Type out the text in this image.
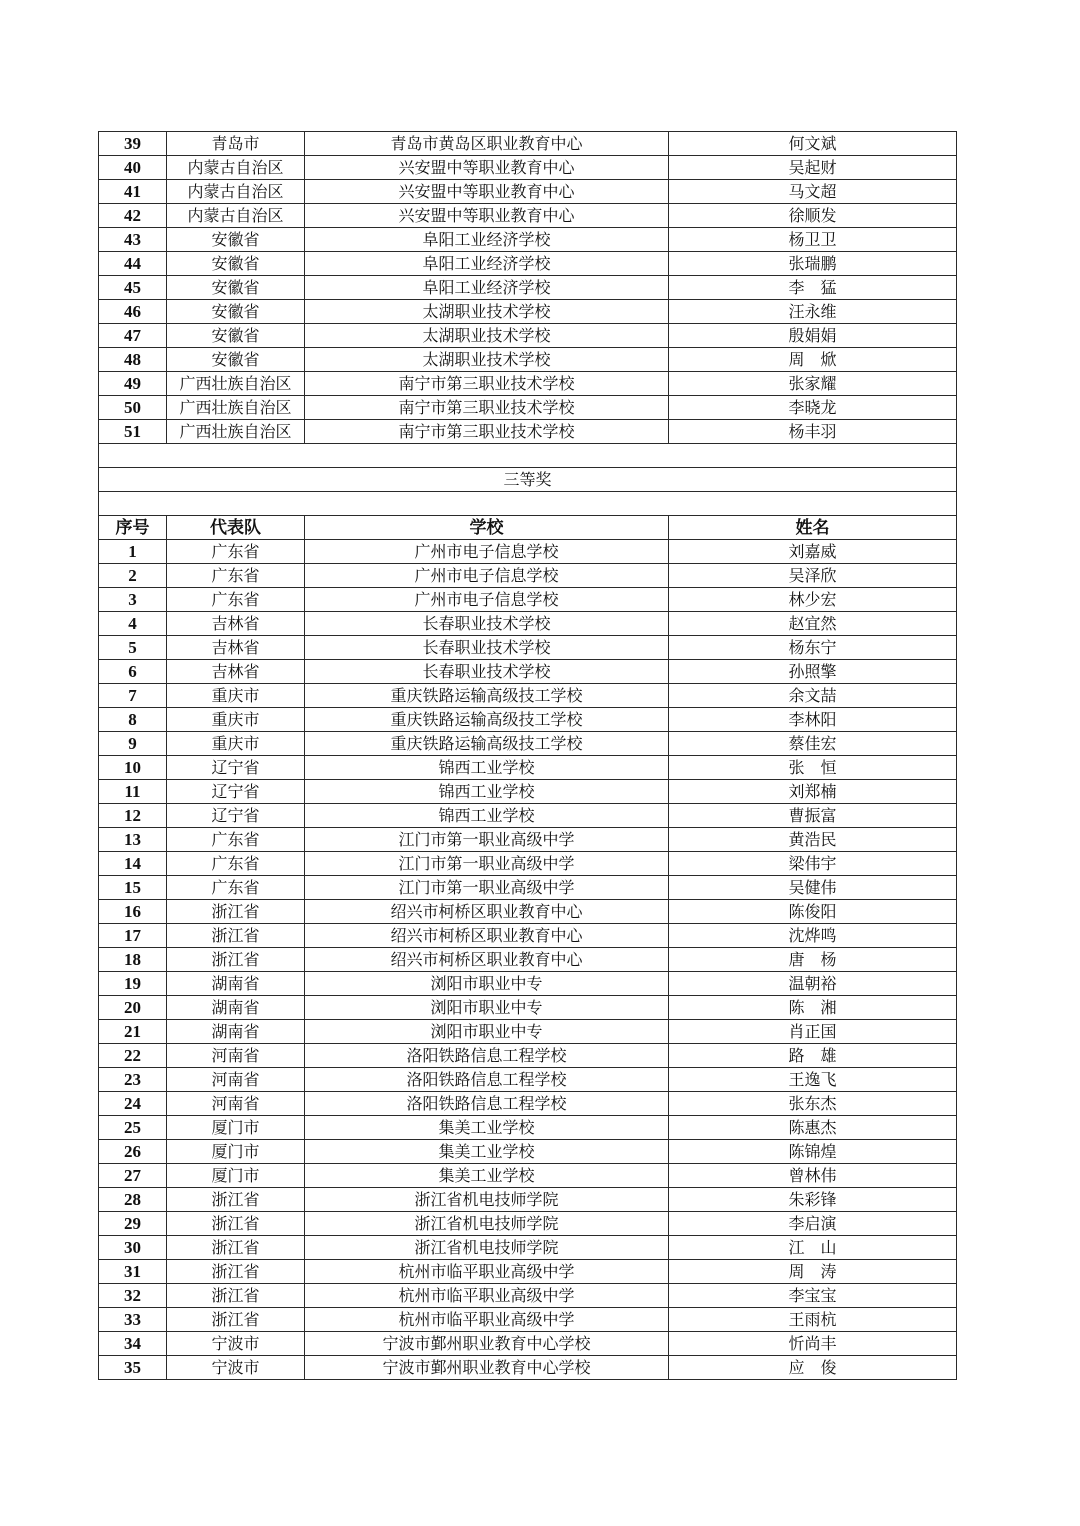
39	青岛市	青岛市黄岛区职业教育中心	何文斌
40	内蒙古自治区	兴安盟中等职业教育中心	吴起财
41	内蒙古自治区	兴安盟中等职业教育中心	马文超
42	内蒙古自治区	兴安盟中等职业教育中心	徐顺发
43	安徽省	阜阳工业经济学校	杨卫卫
44	安徽省	阜阳工业经济学校	张瑞鹏
45	安徽省	阜阳工业经济学校	李　猛
46	安徽省	太湖职业技术学校	汪永维
47	安徽省	太湖职业技术学校	殷娟娟
48	安徽省	太湖职业技术学校	周　焮
49	广西壮族自治区	南宁市第三职业技术学校	张家耀
50	广西壮族自治区	南宁市第三职业技术学校	李晓龙
51	广西壮族自治区	南宁市第三职业技术学校	杨丰羽

三等奖			

序号	代表队	学校	姓名
1	广东省	广州市电子信息学校	刘嘉威
2	广东省	广州市电子信息学校	吴泽欣
3	广东省	广州市电子信息学校	林少宏
4	吉林省	长春职业技术学校	赵宜然
5	吉林省	长春职业技术学校	杨东宁
6	吉林省	长春职业技术学校	孙照擎
7	重庆市	重庆铁路运输高级技工学校	余文喆
8	重庆市	重庆铁路运输高级技工学校	李林阳
9	重庆市	重庆铁路运输高级技工学校	蔡佳宏
10	辽宁省	锦西工业学校	张　恒
11	辽宁省	锦西工业学校	刘郑楠
12	辽宁省	锦西工业学校	曹振富
13	广东省	江门市第一职业高级中学	黄浩民
14	广东省	江门市第一职业高级中学	梁伟宇
15	广东省	江门市第一职业高级中学	吴健伟
16	浙江省	绍兴市柯桥区职业教育中心	陈俊阳
17	浙江省	绍兴市柯桥区职业教育中心	沈烨鸣
18	浙江省	绍兴市柯桥区职业教育中心	唐　杨
19	湖南省	浏阳市职业中专	温朝裕
20	湖南省	浏阳市职业中专	陈　湘
21	湖南省	浏阳市职业中专	肖正国
22	河南省	洛阳铁路信息工程学校	路　雄
23	河南省	洛阳铁路信息工程学校	王逸飞
24	河南省	洛阳铁路信息工程学校	张东杰
25	厦门市	集美工业学校	陈惠杰
26	厦门市	集美工业学校	陈锦煌
27	厦门市	集美工业学校	曾林伟
28	浙江省	浙江省机电技师学院	朱彩锋
29	浙江省	浙江省机电技师学院	李启演
30	浙江省	浙江省机电技师学院	江　山
31	浙江省	杭州市临平职业高级中学	周　涛
32	浙江省	杭州市临平职业高级中学	李宝宝
33	浙江省	杭州市临平职业高级中学	王雨杭
34	宁波市	宁波市鄞州职业教育中心学校	忻尚丰
35	宁波市	宁波市鄞州职业教育中心学校	应　俊
